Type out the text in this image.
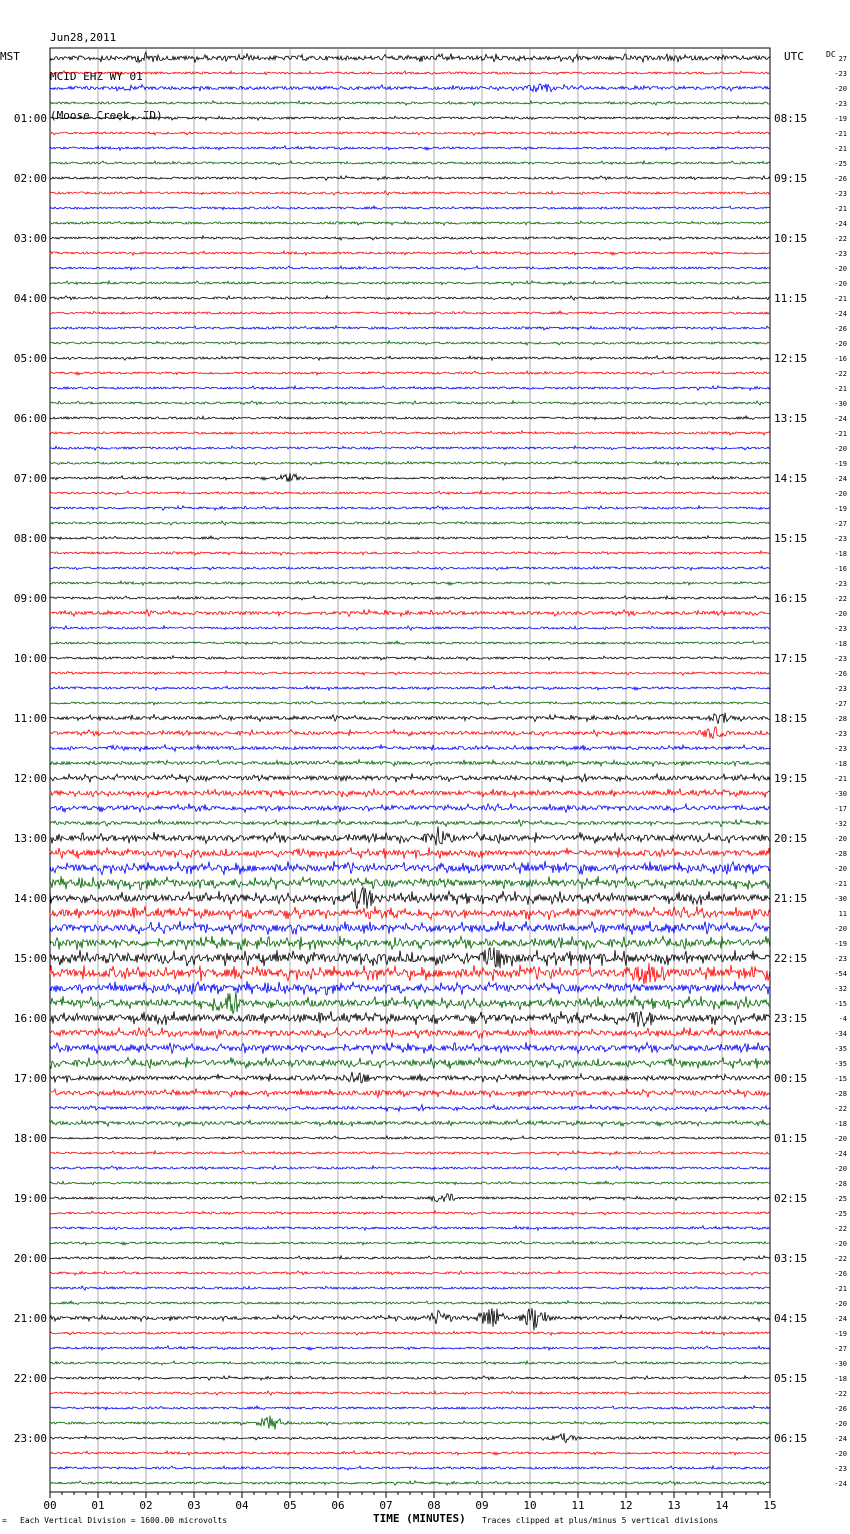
Jun28,2011

MCID EHZ WY 01

(Moose Creek, ID)

MST	UTC	DC 27
-23
-20
-23
-19
-21
-21
-25
-26
-23
-21
-24
-22
-23
-20
-20
-21
-24
-26
-20
-16
-22
-21
-30
-24
-21
-20
-19
-24
-20
-19
-27
-23
-18
-16
-23
-22
-20
-23
-18
-23
-26
-23
-27
-28
-23
-23
-18
-21
-30
-17
-32
-20
-28
-20
-21
-30
11
-20
-19
-23
-54
-32
-15
-4
-34
-35
-35
-15
-28
-22
-18
-20
-24
-20
-28
-25
-25
-22
-20
-22
-26
-21
-20
-24
-19
-27
-30
-18
-22
-26
-20
-24
-20
-23
-24
01:00
02:00
03:00
04:00
05:00
06:00
07:00
08:00
09:00
10:00
11:00
12:00
13:00
14:00
15:00
16:00
17:00
18:00
19:00
20:00
21:00
22:00
23:00
08:15
09:15
10:15
11:15
12:15
13:15
14:15
15:15
16:15
17:15
18:15
19:15
20:15
21:15
22:15
23:15
00:15
01:15
02:15
03:15
04:15
05:15
06:15
00	01	02	03	04	05	06	07	08	09	10	11	12	13	14	15
= Each Vertical Division = 1600.00 microvolts	TIME (MINUTES) Traces clipped at plus/minus 5 vertical divisions
